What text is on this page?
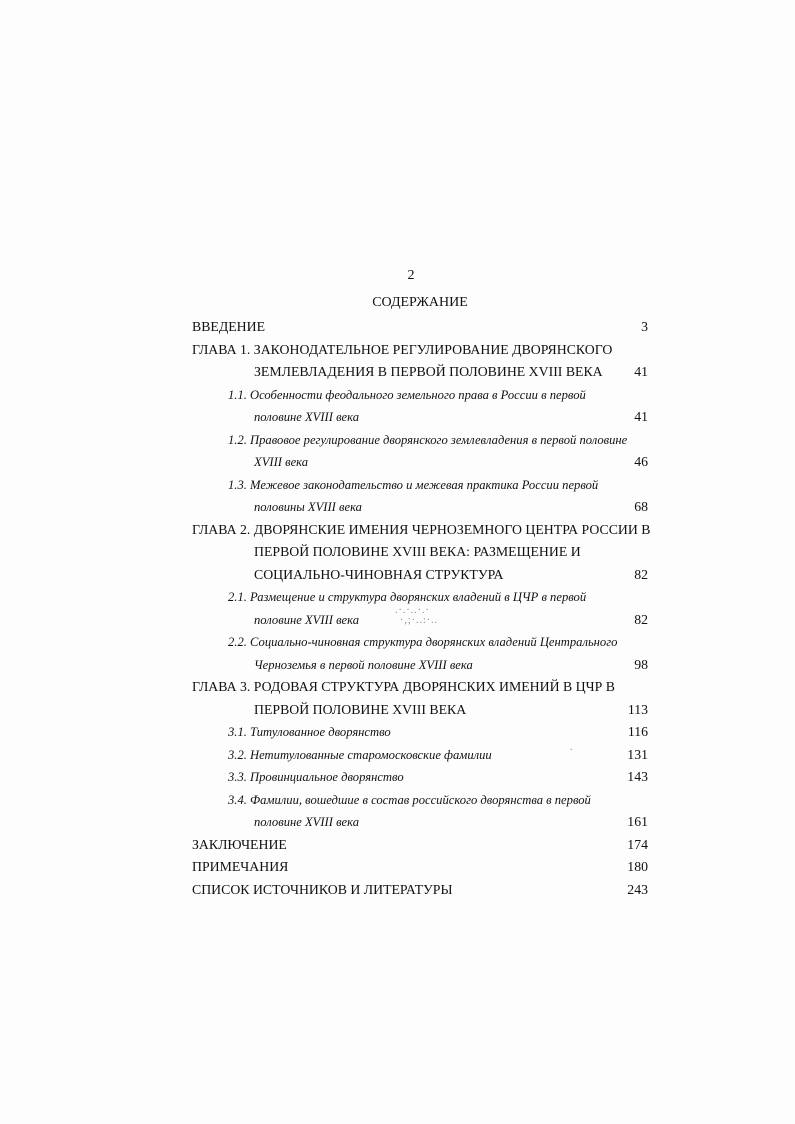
2
СОДЕРЖАНИЕ
ВВЕДЕНИЕ	3
ГЛАВА 1. ЗАКОНОДАТЕЛЬНОЕ РЕГУЛИРОВАНИЕ ДВОРЯНСКОГО
ЗЕМЛЕВЛАДЕНИЯ В ПЕРВОЙ ПОЛОВИНЕ XVIII ВЕКА 41
1.1. Особенности феодального земельного права в России в первой
половине XVIII века	41
1.2. Правовое регулирование дворянского землевладения в первой половине
XVIII века	46
1.3. Межевое законодательство и межевая практика России первой
половины XVIII века	68
ГЛАВА 2. ДВОРЯНСКИЕ ИМЕНИЯ ЧЕРНОЗЕМНОГО ЦЕНТРА РОССИИ В
ПЕРВОЙ ПОЛОВИНЕ XVIII ВЕКА: РАЗМЕЩЕНИЕ И
СОЦИАЛЬНО-ЧИНОВНАЯ СТРУКТУРА	82
2.1. Размещение и структура дворянских владений в ЦЧР в первой
половине XVIII века	82
2.2. Социально-чиновная структура дворянских владений Центрального
Черноземья в первой половине XVIII века	98
ГЛАВА 3. РОДОВАЯ СТРУКТУРА ДВОРЯНСКИХ ИМЕНИЙ В ЦЧР В
ПЕРВОЙ ПОЛОВИНЕ XVIII ВЕКА	113
3.1. Титулованное дворянство	116
3.2. Нетитулованные старомосковские фамилии	131
3.3. Провинциальное дворянство	143
3.4. Фамилии, вошедшие в состав российского дворянства в первой
половине XVIII века	161
ЗАКЛЮЧЕНИЕ	174
ПРИМЕЧАНИЯ	180
СПИСОК ИСТОЧНИКОВ И ЛИТЕРАТУРЫ	243
.·.·..·.·
·,;·..:·..
.
